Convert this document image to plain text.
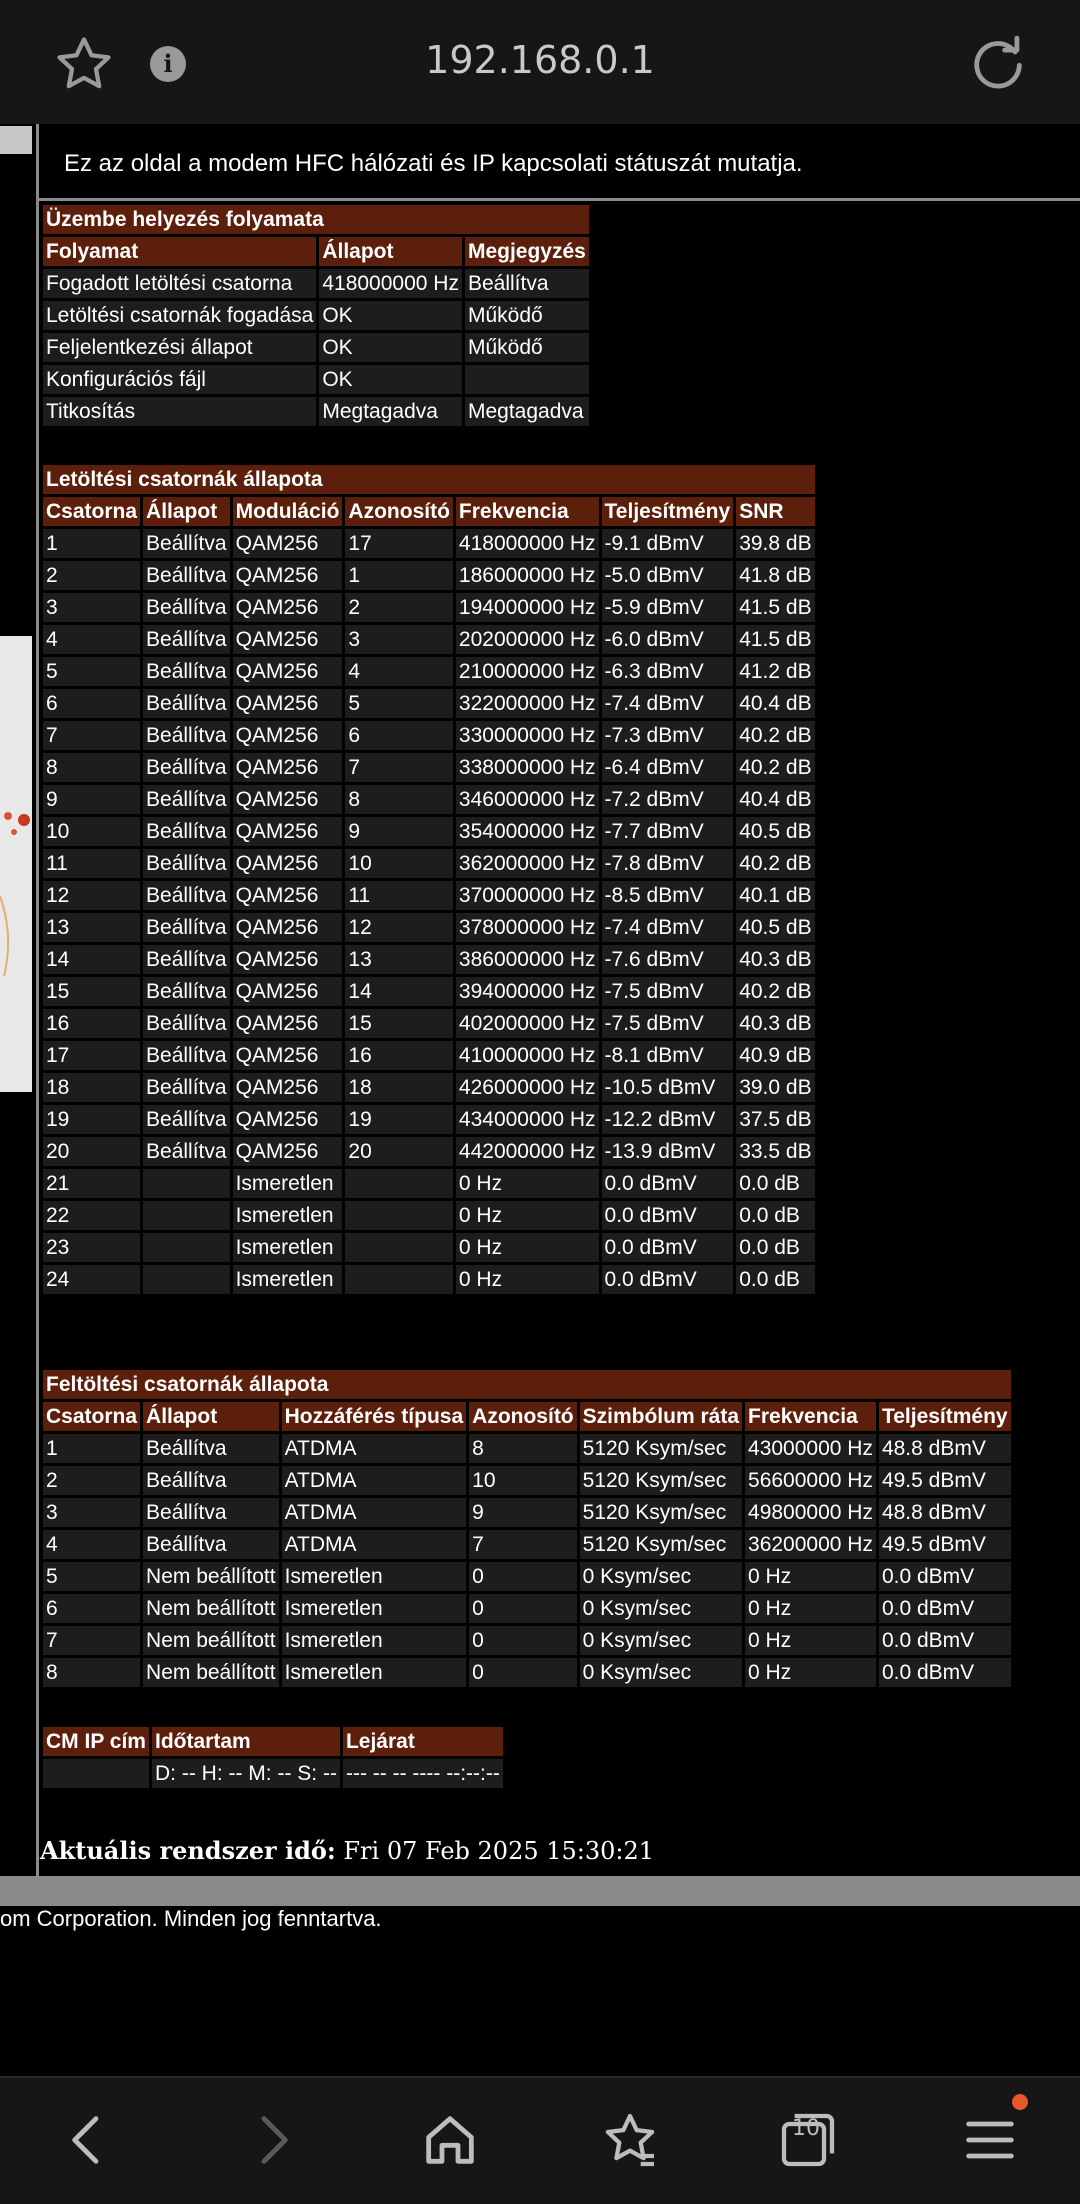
i	192.168.0.1
Ez az oldal a modem HFC hálózati és IP kapcsolati státuszát mutatja.
Üzembe helyezés folyamata		
Folyamat	Állapot	Megjegyzés
Fogadott letöltési csatorna	418000000 Hz	Beállítva
Letöltési csatornák fogadása	OK	Működő
Feljelentkezési állapot	OK	Működő
Konfigurációs fájl	OK	
Titkosítás	Megtagadva	Megtagadva
Letöltési csatornák állapota						
Csatorna	Állapot	Moduláció	Azonosító	Frekvencia	Teljesítmény	SNR
1	Beállítva	QAM256	17	418000000 Hz	-9.1 dBmV	39.8 dB
2	Beállítva	QAM256	1	186000000 Hz	-5.0 dBmV	41.8 dB
3	Beállítva	QAM256	2	194000000 Hz	-5.9 dBmV	41.5 dB
4	Beállítva	QAM256	3	202000000 Hz	-6.0 dBmV	41.5 dB
5	Beállítva	QAM256	4	210000000 Hz	-6.3 dBmV	41.2 dB
6	Beállítva	QAM256	5	322000000 Hz	-7.4 dBmV	40.4 dB
7	Beállítva	QAM256	6	330000000 Hz	-7.3 dBmV	40.2 dB
8	Beállítva	QAM256	7	338000000 Hz	-6.4 dBmV	40.2 dB
9	Beállítva	QAM256	8	346000000 Hz	-7.2 dBmV	40.4 dB
10	Beállítva	QAM256	9	354000000 Hz	-7.7 dBmV	40.5 dB
11	Beállítva	QAM256	10	362000000 Hz	-7.8 dBmV	40.2 dB
12	Beállítva	QAM256	11	370000000 Hz	-8.5 dBmV	40.1 dB
13	Beállítva	QAM256	12	378000000 Hz	-7.4 dBmV	40.5 dB
14	Beállítva	QAM256	13	386000000 Hz	-7.6 dBmV	40.3 dB
15	Beállítva	QAM256	14	394000000 Hz	-7.5 dBmV	40.2 dB
16	Beállítva	QAM256	15	402000000 Hz	-7.5 dBmV	40.3 dB
17	Beállítva	QAM256	16	410000000 Hz	-8.1 dBmV	40.9 dB
18	Beállítva	QAM256	18	426000000 Hz	-10.5 dBmV	39.0 dB
19	Beállítva	QAM256	19	434000000 Hz	-12.2 dBmV	37.5 dB
20	Beállítva	QAM256	20	442000000 Hz	-13.9 dBmV	33.5 dB
21		Ismeretlen		0 Hz	0.0 dBmV	0.0 dB
22		Ismeretlen		0 Hz	0.0 dBmV	0.0 dB
23		Ismeretlen		0 Hz	0.0 dBmV	0.0 dB
24		Ismeretlen		0 Hz	0.0 dBmV	0.0 dB
Feltöltési csatornák állapota						
Csatorna	Állapot	Hozzáférés típusa	Azonosító	Szimbólum ráta	Frekvencia	Teljesítmény
1	Beállítva	ATDMA	8	5120 Ksym/sec	43000000 Hz	48.8 dBmV
2	Beállítva	ATDMA	10	5120 Ksym/sec	56600000 Hz	49.5 dBmV
3	Beállítva	ATDMA	9	5120 Ksym/sec	49800000 Hz	48.8 dBmV
4	Beállítva	ATDMA	7	5120 Ksym/sec	36200000 Hz	49.5 dBmV
5	Nem beállított	Ismeretlen	0	0 Ksym/sec	0 Hz	0.0 dBmV
6	Nem beállított	Ismeretlen	0	0 Ksym/sec	0 Hz	0.0 dBmV
7	Nem beállított	Ismeretlen	0	0 Ksym/sec	0 Hz	0.0 dBmV
8	Nem beállított	Ismeretlen	0	0 Ksym/sec	0 Hz	0.0 dBmV
CM IP cím	Időtartam	Lejárat
	D: -- H: -- M: -- S: --	--- -- -- ---- --:--:--
Aktuális rendszer idő: Fri 07 Feb 2025 15:30:21
om Corporation. Minden jog fenntartva.
10
